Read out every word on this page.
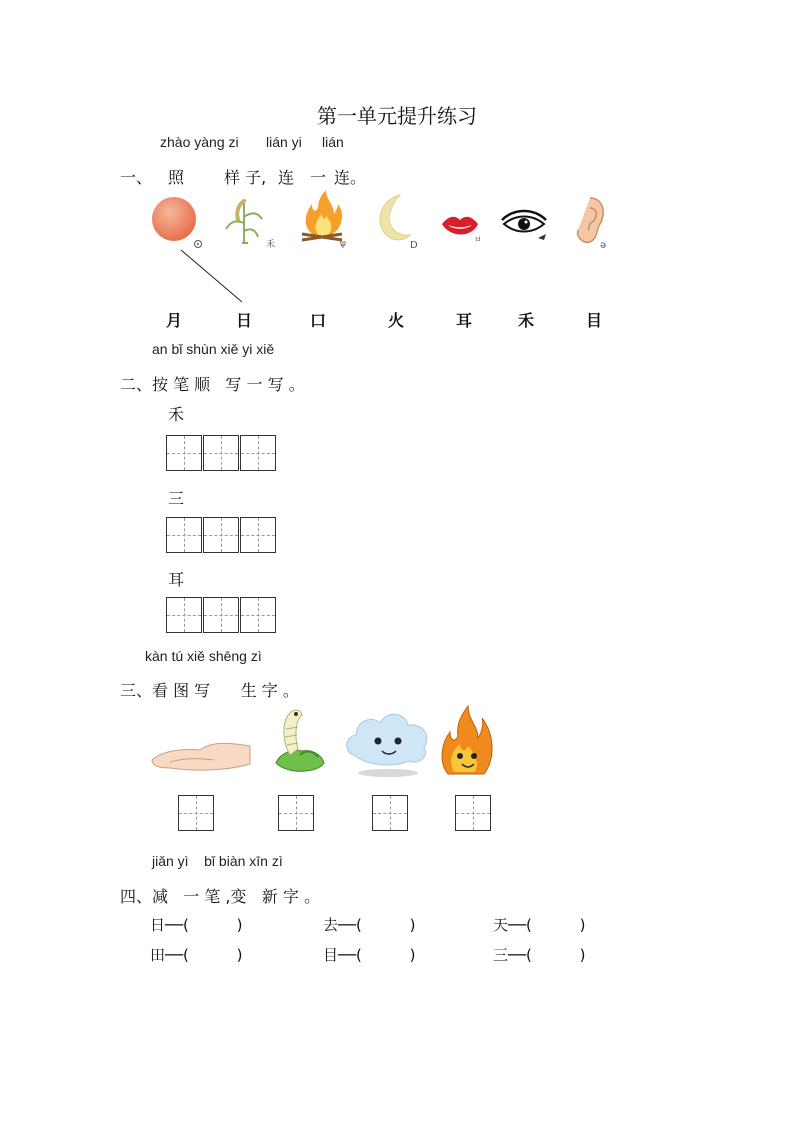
第一单元提升练习
zhào yàng zi lián yi lián
一、 照 样 子, 连 一 连。
禾	ψ	D
ㅂ
ə
月	日	口	火	耳	禾	目
an bǐ shùn xiě yi xiě
二、按 笔 顺   写 一 写 。
禾
三
耳
kàn tú xiě shēng zì
三、看 图 写      生 字 。
jiǎn yì    bǐ biàn xīn zì
四、减   一 笔 ,变   新 字 。
日──(          )	去──(          )	天──(          )
田──(          )	目──(          )	三──(          )
